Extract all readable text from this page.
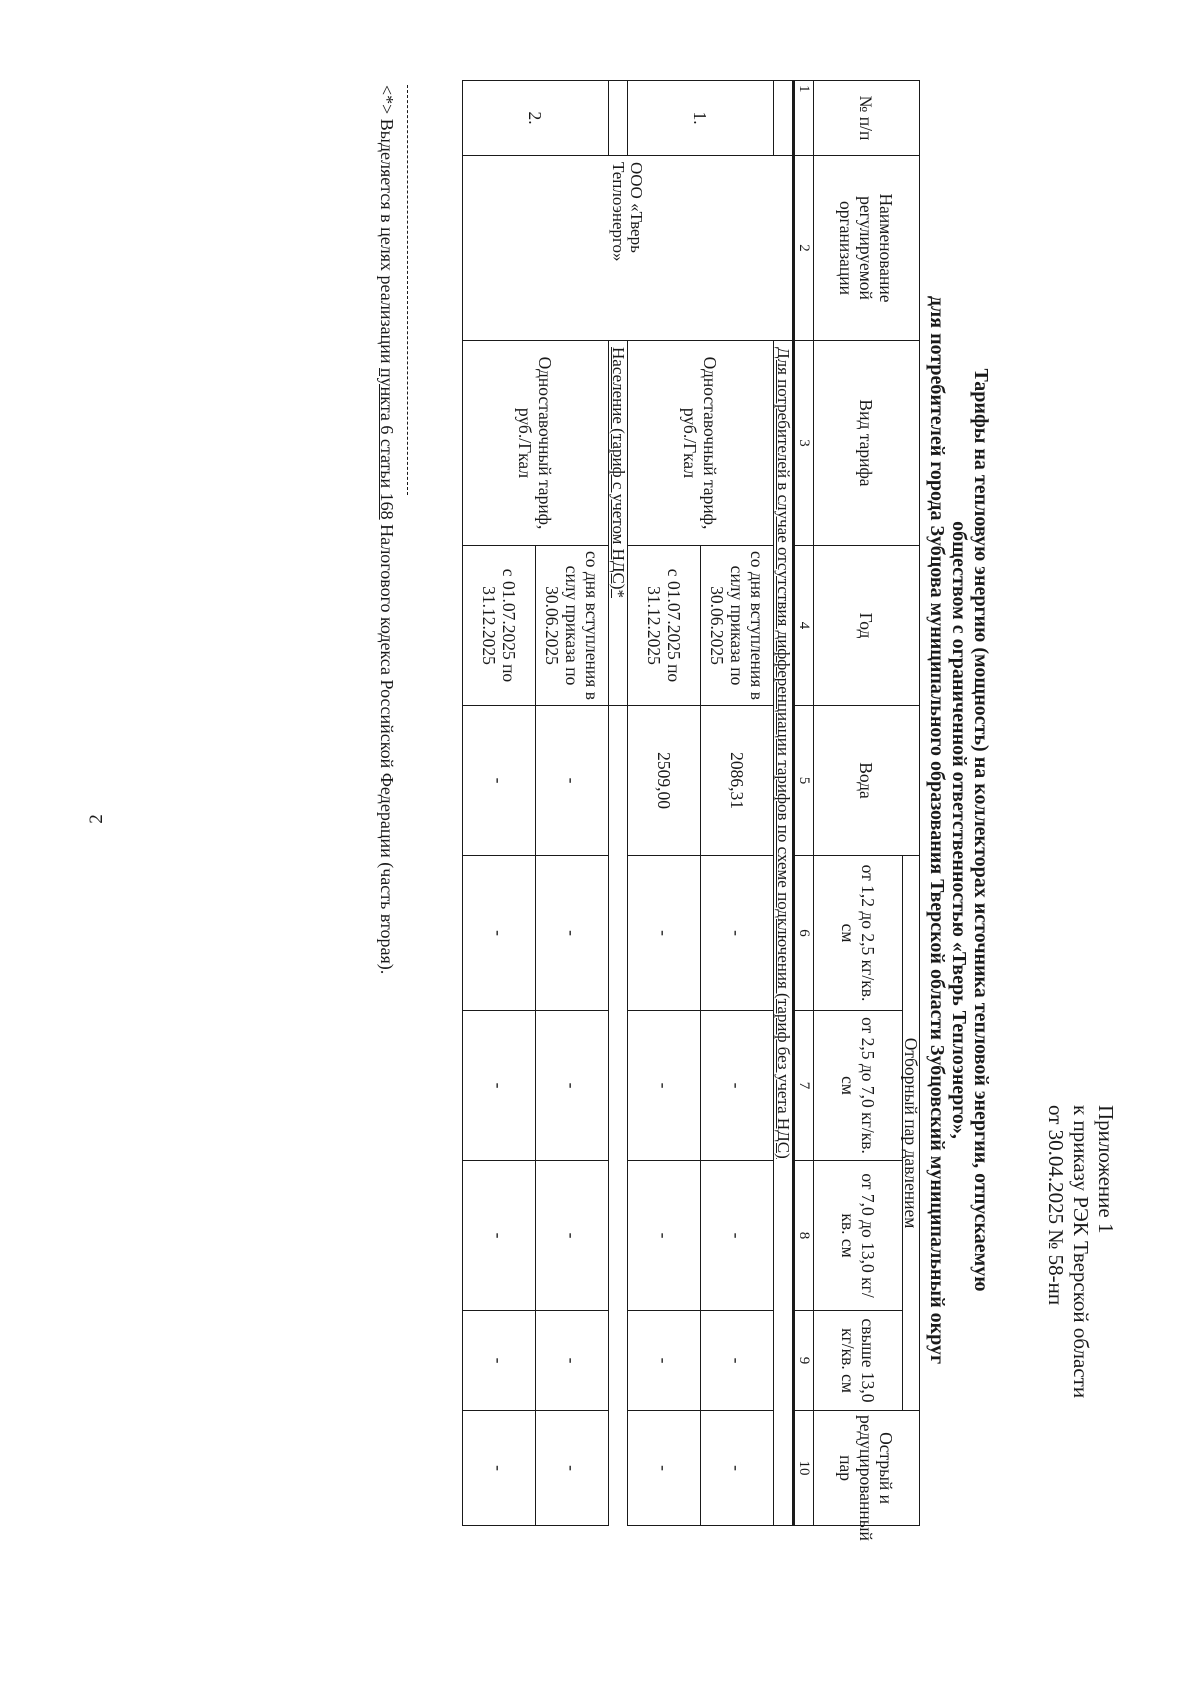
2
Приложение 1
к приказу РЭК Тверской области
от 30.04.2025 № 58-нп
Тарифы на тепловую энергию (мощность) на коллекторах источника тепловой энергии, отпускаемую
обществом с ограниченной ответственностью «Тверь Теплоэнерго»,
для потребителей города Зубцова муниципального образования Тверской области Зубцовский муниципальный округ
№ п/п	Наименование регулируемой организации	Вид тарифа	Год	Вода	Отборный пар давлением				Острый и редуцированный пар
					от 1,2 до 2,5 кг/кв. см	от 2,5 до 7,0 кг/кв. см	от 7,0 до 13,0 кг/кв. см	свыше 13,0 кг/кв. см	
1	2	3	4	5	6	7	8	9	10
	ООО «Тверь Теплоэнерго»	Для потребителей в случае отсутствия дифференциации тарифов по схеме подключения (тариф без учета НДС)							
1.		Одноставочный тариф, руб./Гкал	со дня вступления в силу приказа по 30.06.2025	2086,31	-	-	-	-	-
			с 01.07.2025 по 31.12.2025	2509,00	-	-	-	-	-
		Население (тариф с учетом НДС)*							
2.		Одноставочный тариф, руб./Гкал	со дня вступления в силу приказа по 30.06.2025	-	-	-	-	-	-
			с 01.07.2025 по 31.12.2025	-	-	-	-	-	-
<*> Выделяется в целях реализации пункта 6 статьи 168 Налогового кодекса Российской Федерации (часть вторая).
